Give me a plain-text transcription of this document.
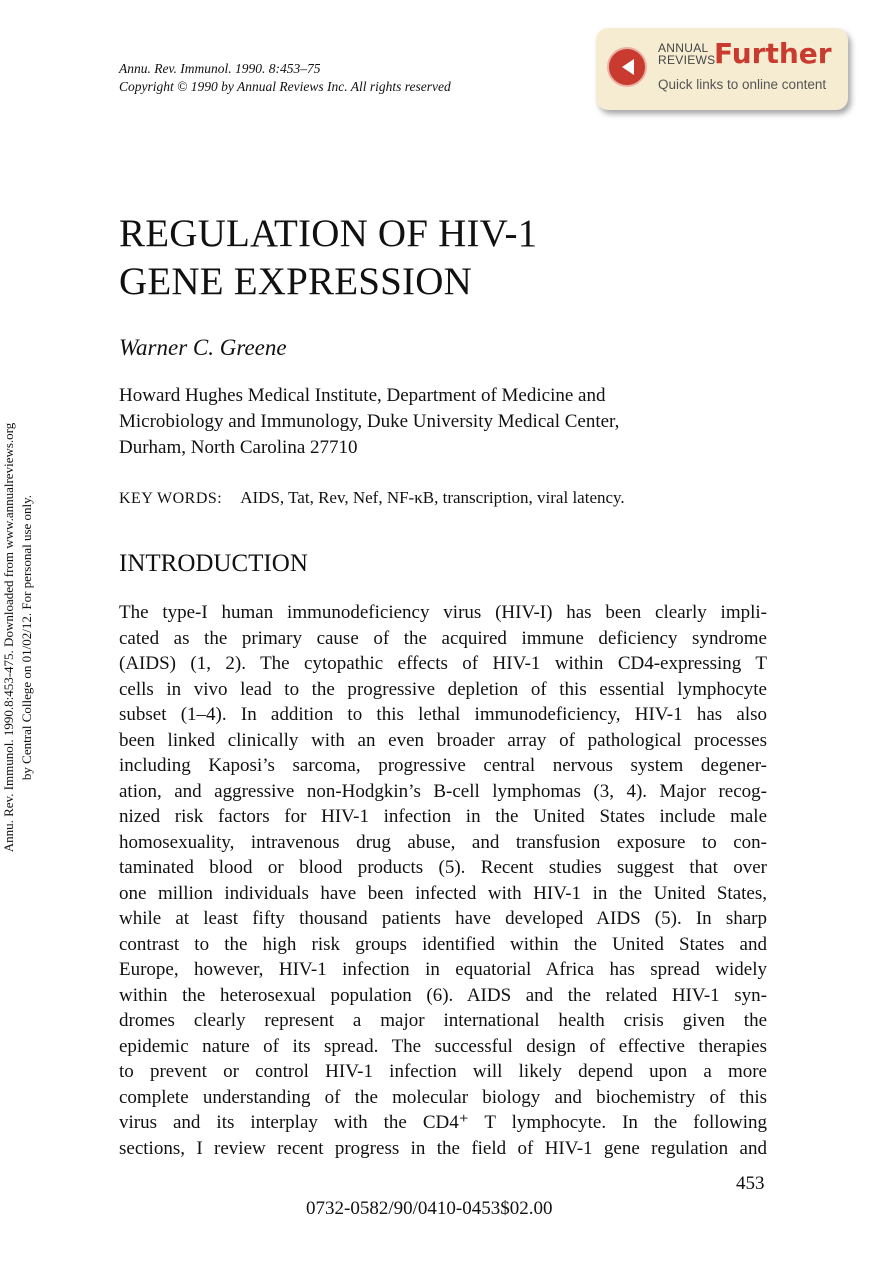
Annu. Rev. Immunol. 1990. 8:453–75
Copyright © 1990 by Annual Reviews Inc. All rights reserved
ANNUAL
REVIEWS
Further
Quick links to online content
Annu. Rev. Immunol. 1990.8:453-475. Downloaded from www.annualreviews.org by Central College on 01/02/12. For personal use only.
REGULATION OF HIV-1
GENE EXPRESSION
Warner C. Greene
Howard Hughes Medical Institute, Department of Medicine and
Microbiology and Immunology, Duke University Medical Center,
Durham, North Carolina 27710
KEY WORDS: AIDS, Tat, Rev, Nef, NF-κB, transcription, viral latency.
INTRODUCTION
The type-I human immunodeficiency virus (HIV-I) has been clearly impli-
cated as the primary cause of the acquired immune deficiency syndrome
(AIDS) (1, 2). The cytopathic effects of HIV-1 within CD4-expressing T
cells in vivo lead to the progressive depletion of this essential lymphocyte
subset (1–4). In addition to this lethal immunodeficiency, HIV-1 has also
been linked clinically with an even broader array of pathological processes
including Kaposi’s sarcoma, progressive central nervous system degener-
ation, and aggressive non-Hodgkin’s B-cell lymphomas (3, 4). Major recog-
nized risk factors for HIV-1 infection in the United States include male
homosexuality, intravenous drug abuse, and transfusion exposure to con-
taminated blood or blood products (5). Recent studies suggest that over
one million individuals have been infected with HIV-1 in the United States,
while at least fifty thousand patients have developed AIDS (5). In sharp
contrast to the high risk groups identified within the United States and
Europe, however, HIV-1 infection in equatorial Africa has spread widely
within the heterosexual population (6). AIDS and the related HIV-1 syn-
dromes clearly represent a major international health crisis given the
epidemic nature of its spread. The successful design of effective therapies
to prevent or control HIV-1 infection will likely depend upon a more
complete understanding of the molecular biology and biochemistry of this
virus and its interplay with the CD4⁺ T lymphocyte. In the following
sections, I review recent progress in the field of HIV-1 gene regulation and
453
0732-0582/90/0410-0453$02.00
